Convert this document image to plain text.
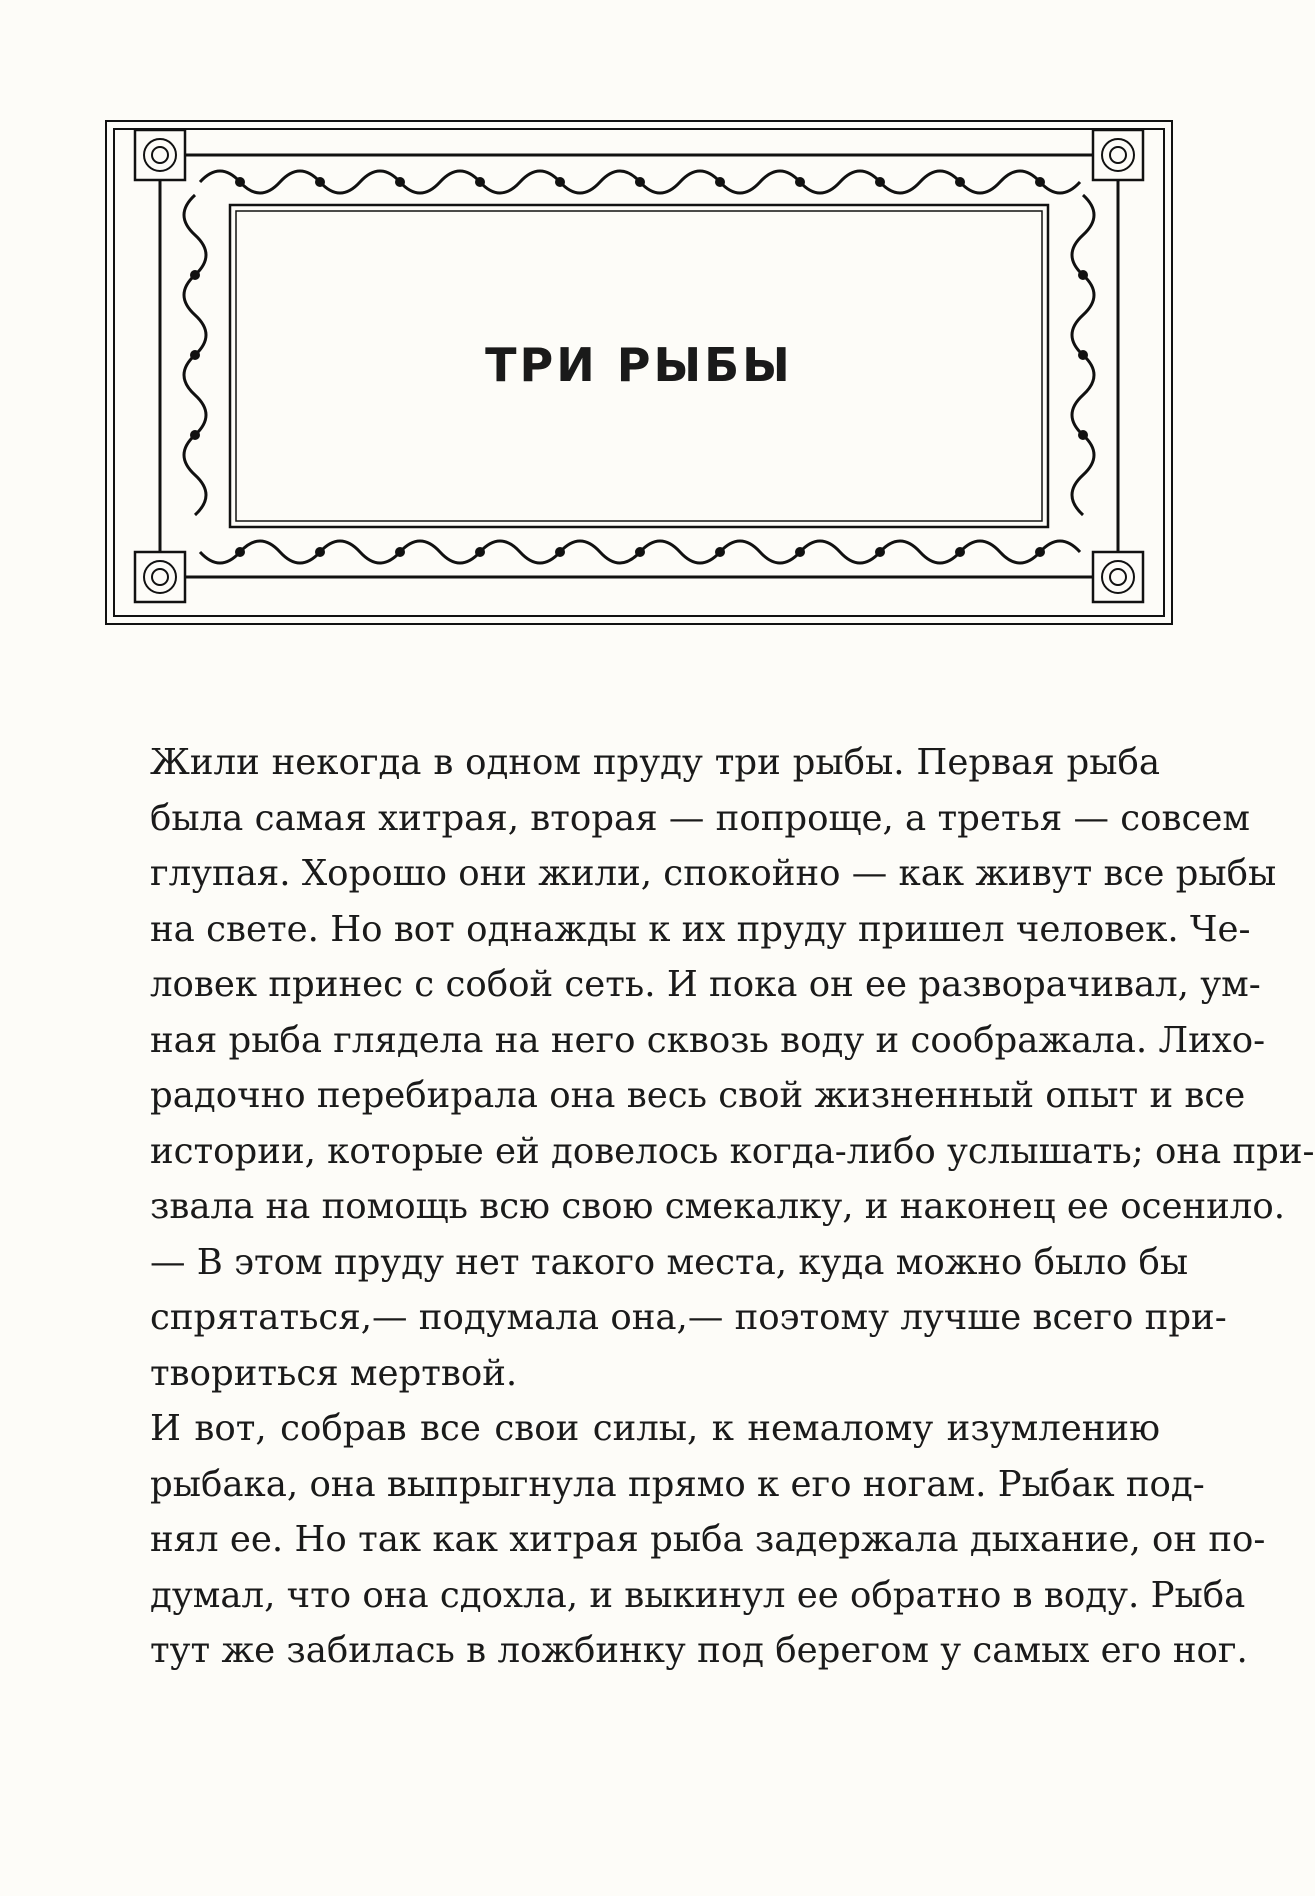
ТРИ РЫБЫ
Жили некогда в одном пруду три рыбы. Первая рыба
была самая хитрая, вторая — попроще, а третья — совсем
глупая. Хорошо они жили, спокойно — как живут все рыбы
на свете. Но вот однажды к их пруду пришел человек. Че-
ловек принес с собой сеть. И пока он ее разворачивал, ум-
ная рыба глядела на него сквозь воду и соображала. Лихо-
радочно перебирала она весь свой жизненный опыт и все
истории, которые ей довелось когда-либо услышать; она при-
звала на помощь всю свою смекалку, и наконец ее осенило.
— В этом пруду нет такого места, куда можно было бы
спрятаться,— подумала она,— поэтому лучше всего при-
твориться мертвой.
И вот, собрав все свои силы, к немалому изумлению
рыбака, она выпрыгнула прямо к его ногам. Рыбак под-
нял ее. Но так как хитрая рыба задержала дыхание, он по-
думал, что она сдохла, и выкинул ее обратно в воду. Рыба
тут же забилась в ложбинку под берегом у самых его ног.
